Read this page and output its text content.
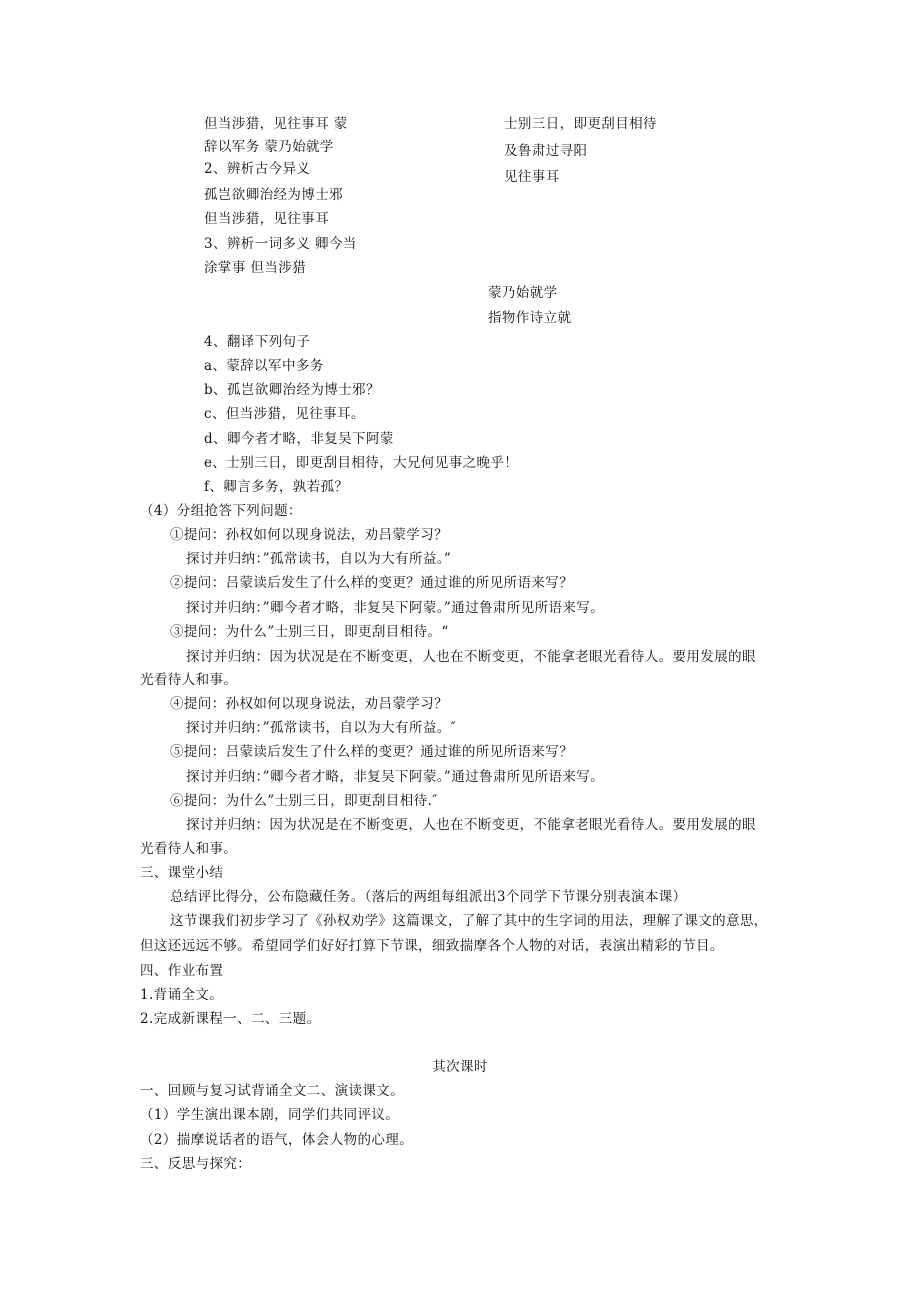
士别三日，即更刮目相待
及鲁肃过寻阳
见往事耳
但当涉猎，见往事耳 蒙
辞以军务 蒙乃始就学
2、辨析古今异义
孤岂欲卿治经为博士邪
但当涉猎，见往事耳
3、辨析一词多义 卿今当
涂掌事 但当涉猎
蒙乃始就学
指物作诗立就
4、翻译下列句子
a、蒙辞以军中多务
b、孤岂欲卿治经为博士邪？
c、但当涉猎，见往事耳。
d、卿今者才略，非复吴下阿蒙
e、士别三日，即更刮目相待，大兄何见事之晚乎！
f、卿言多务，孰若孤？
（4）分组抢答下列问题：
①提问：孙权如何以现身说法，劝吕蒙学习？
探讨并归纳：”孤常读书，自以为大有所益。”
②提问：吕蒙读后发生了什么样的变更？通过谁的所见所语来写？
探讨并归纳：”卿今者才略，非复吴下阿蒙。”通过鲁肃所见所语来写。
③提问：为什么”士别三日，即更刮目相待。“
探讨并归纳：因为状况是在不断变更，人也在不断变更，不能拿老眼光看待人。要用发展的眼
光看待人和事。
④提问：孙权如何以现身说法，劝吕蒙学习？
探讨并归纳：”孤常读书，自以为大有所益。″
⑤提问：吕蒙读后发生了什么样的变更？通过谁的所见所语来写？
探讨并归纳：”卿今者才略，非复吴下阿蒙。”通过鲁肃所见所语来写。
⑥提问：为什么”士别三日，即更刮目相待.″
探讨并归纳：因为状况是在不断变更，人也在不断变更，不能拿老眼光看待人。要用发展的眼
光看待人和事。
三、课堂小结
总结评比得分，公布隐藏任务。（落后的两组每组派出3个同学下节课分别表演本课）
这节课我们初步学习了《孙权劝学》这篇课文，了解了其中的生字词的用法，理解了课文的意思，
但这还远远不够。希望同学们好好打算下节课，细致揣摩各个人物的对话，表演出精彩的节目。
四、作业布置
1.背诵全文。
2.完成新课程一、二、三题。
其次课时
一、回顾与复习试背诵全文二、演读课文。
（1）学生演出课本剧，同学们共同评议。
（2）揣摩说话者的语气，体会人物的心理。
三、反思与探究：
